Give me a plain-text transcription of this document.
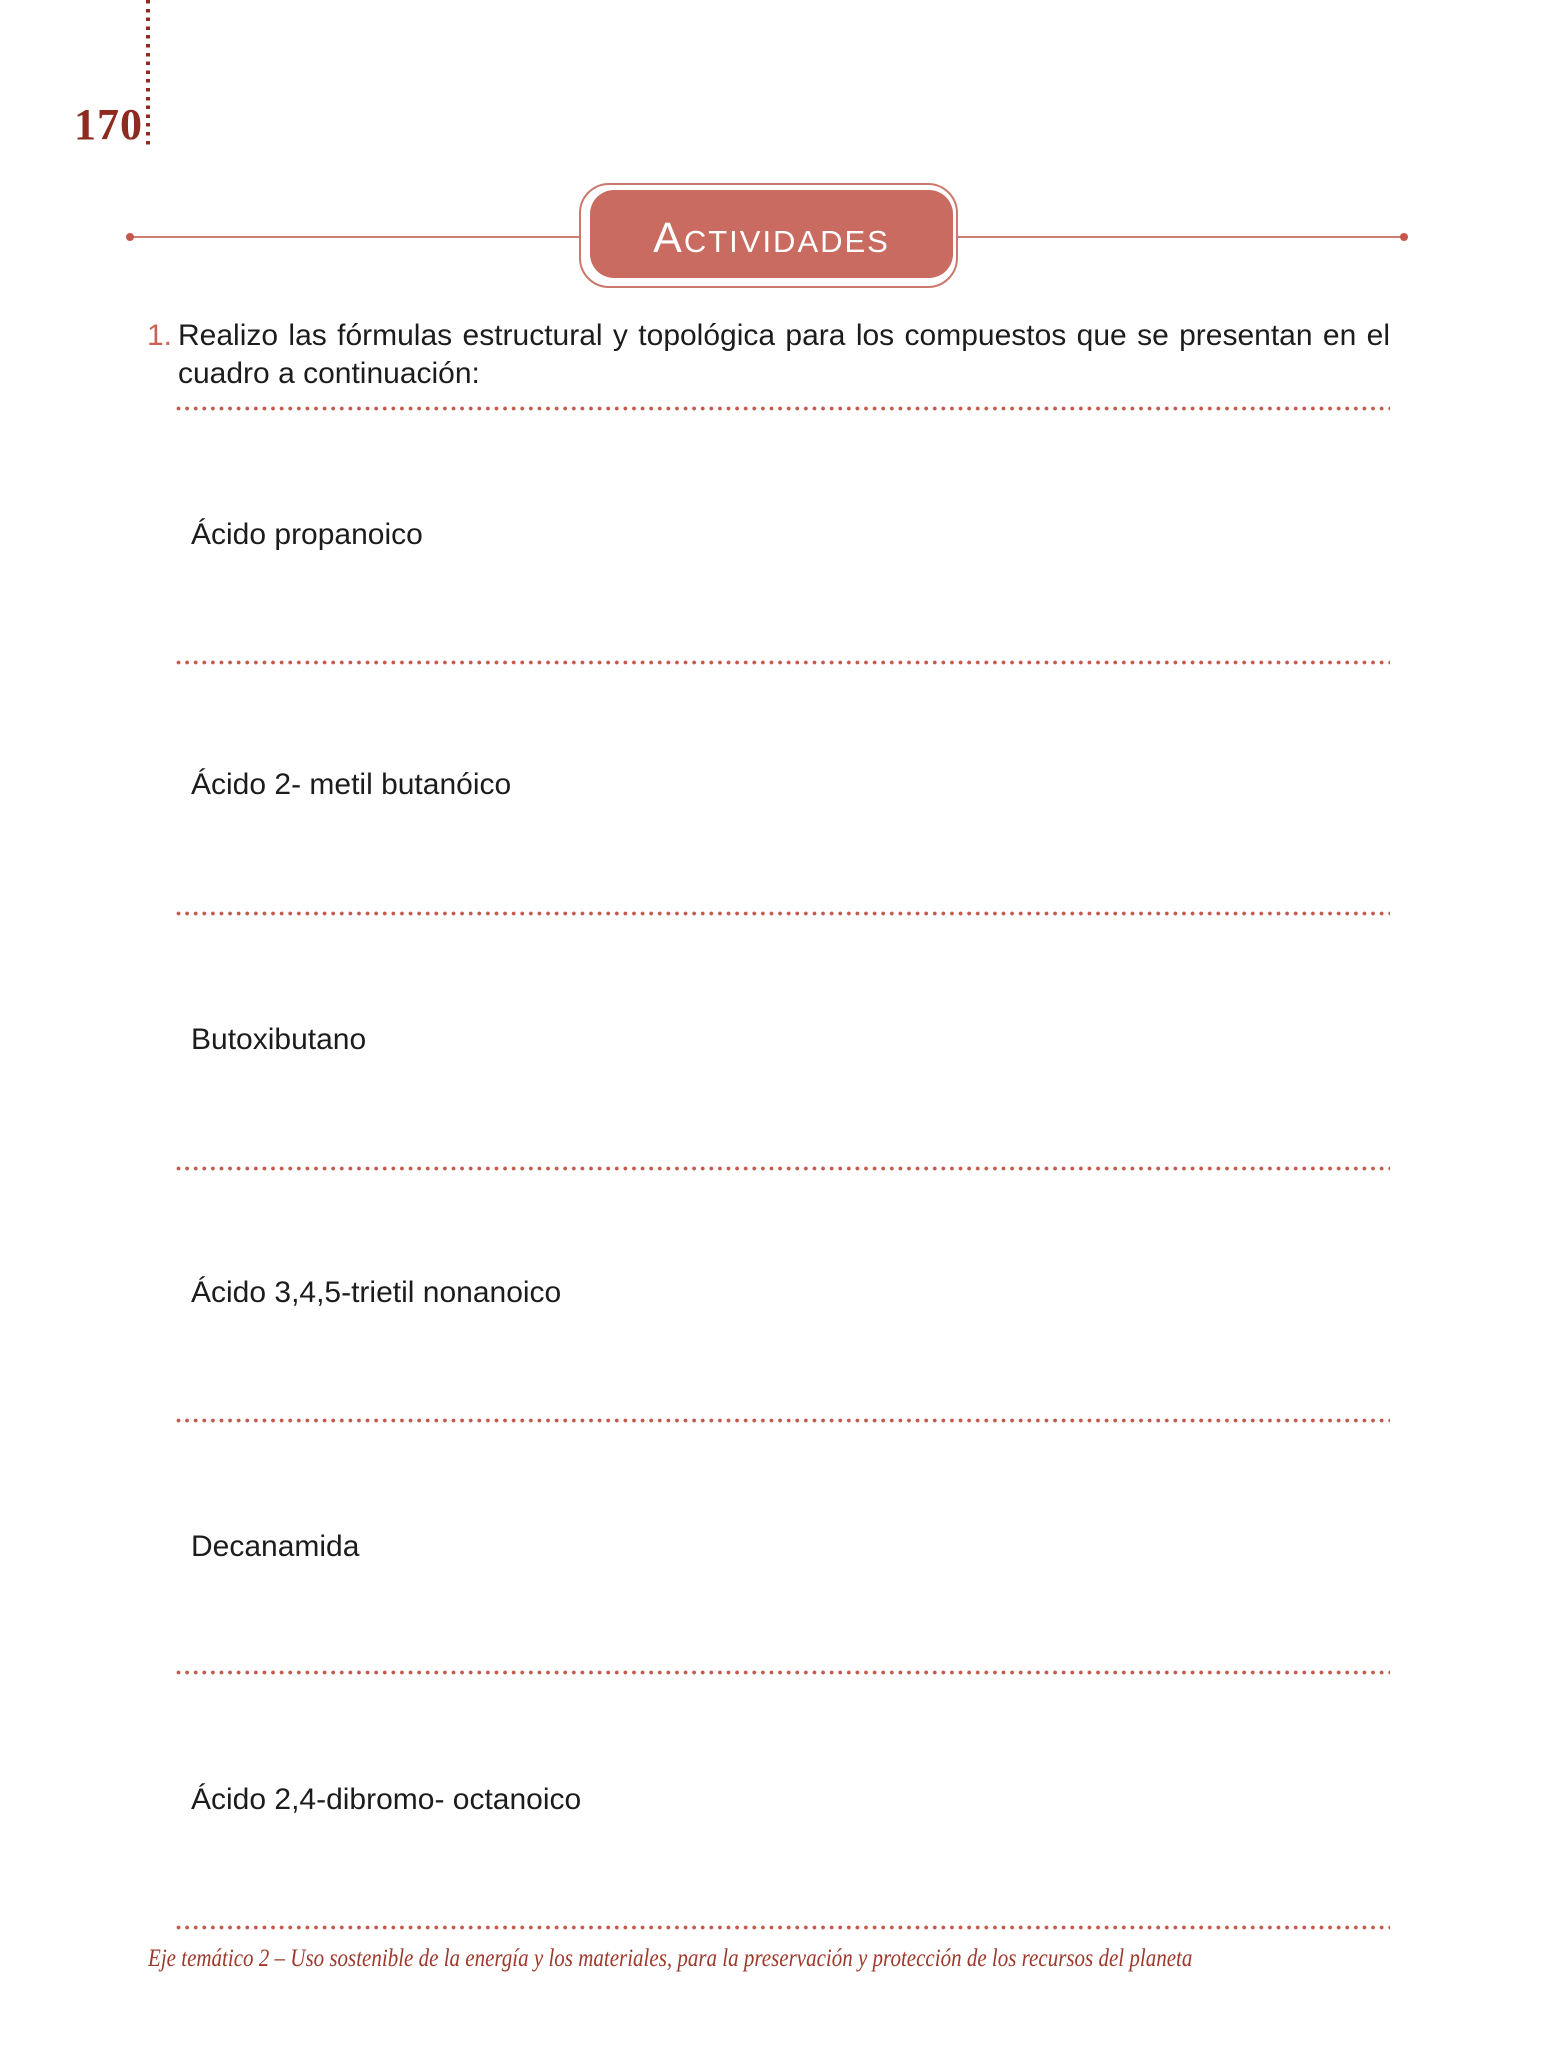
170
ACTIVIDADES
1. Realizo las fórmulas estructural y topológica para los compuestos que se presentan en el
cuadro a continuación:
Ácido propanoico
Ácido 2- metil butanóico
Butoxibutano
Ácido 3,4,5-trietil nonanoico
Decanamida
Ácido 2,4-dibromo- octanoico
Eje temático 2 – Uso sostenible de la energía y los materiales, para la preservación y protección de los recursos del planeta
